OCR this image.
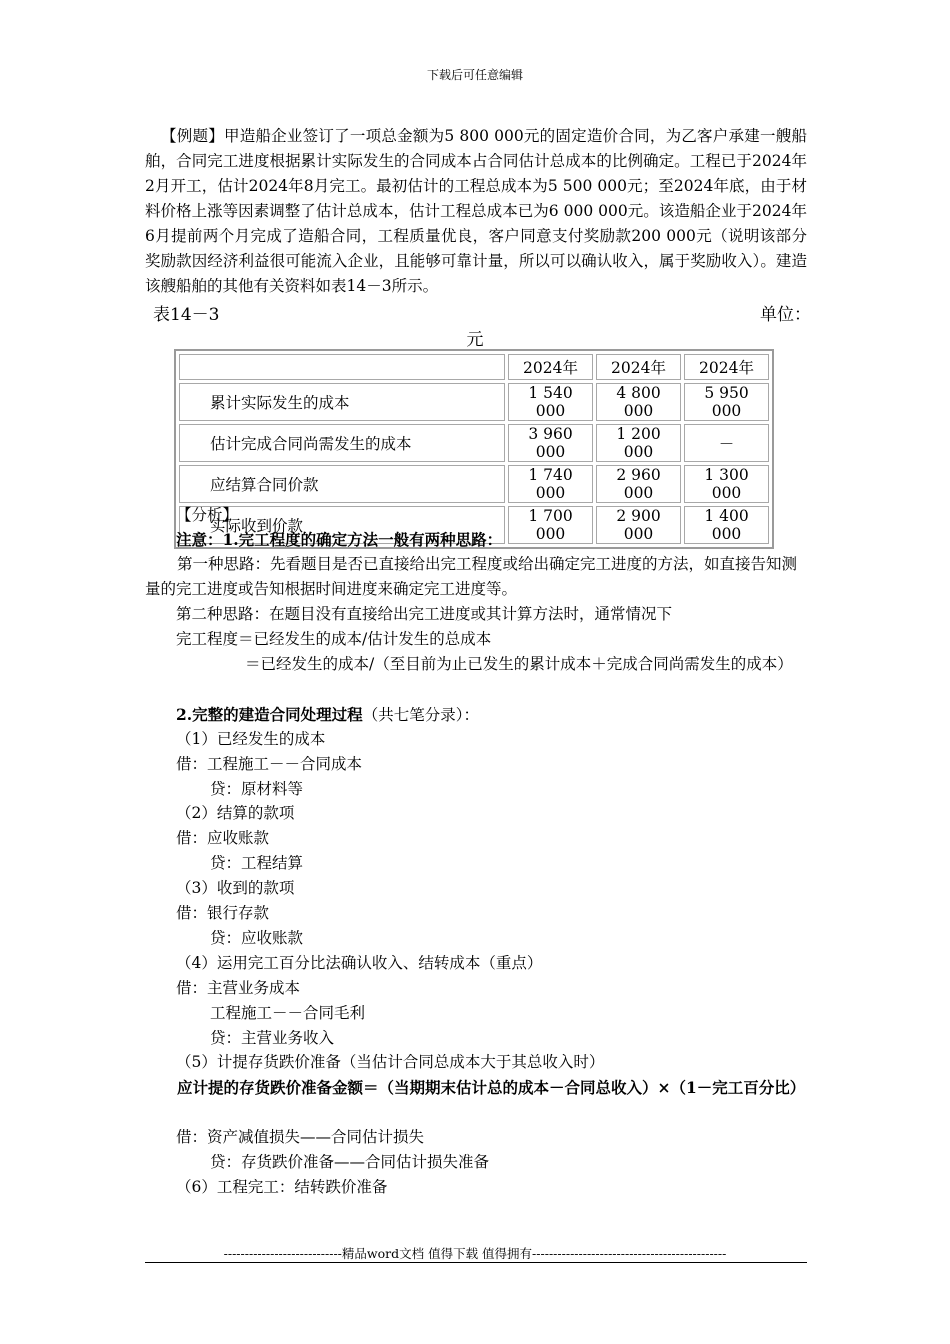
下载后可任意编辑
【例题】甲造船企业签订了一项总金额为5 800 000元的固定造价合同，为乙客户承建一艘船舶，合同完工进度根据累计实际发生的合同成本占合同估计总成本的比例确定。工程已于2024年2月开工，估计2024年8月完工。最初估计的工程总成本为5 500 000元；至2024年底，由于材料价格上涨等因素调整了估计总成本，估计工程总成本已为6 000 000元。该造船企业于2024年6月提前两个月完成了造船合同，工程质量优良，客户同意支付奖励款200 000元（说明该部分奖励款因经济利益很可能流入企业，且能够可靠计量，所以可以确认收入，属于奖励收入）。建造该艘船舶的其他有关资料如表14－3所示。
表14－3	单位：
元
	2024年	2024年	2024年
累计实际发生的成本	1 540 000	4 800 000	5 950 000
估计完成合同尚需发生的成本	3 960 000	1 200 000	－
应结算合同价款	1 740 000	2 960 000	1 300 000
实际收到价款	1 700 000	2 900 000	1 400 000
【分析】
注意：1.完工程度的确定方法一般有两种思路：
第一种思路：先看题目是否已直接给出完工程度或给出确定完工进度的方法，如直接告知测量的完工进度或告知根据时间进度来确定完工进度等。
第二种思路：在题目没有直接给出完工进度或其计算方法时，通常情况下
完工程度＝已经发生的成本/估计发生的总成本
＝已经发生的成本/（至目前为止已发生的累计成本＋完成合同尚需发生的成本）
2.完整的建造合同处理过程（共七笔分录）：
（1）已经发生的成本
借：工程施工－－合同成本
贷：原材料等
（2）结算的款项
借：应收账款
贷：工程结算
（3）收到的款项
借：银行存款
贷：应收账款
（4）运用完工百分比法确认收入、结转成本（重点）
借：主营业务成本
工程施工－－合同毛利
贷：主营业务收入
（5）计提存货跌价准备（当估计合同总成本大于其总收入时）
应计提的存货跌价准备金额＝（当期期末估计总的成本－合同总收入）×（1－完工百分比）
借：资产减值损失——合同估计损失
贷：存货跌价准备——合同估计损失准备
（6）工程完工：结转跌价准备
----------------------------精品word文档 值得下载 值得拥有----------------------------------------------
